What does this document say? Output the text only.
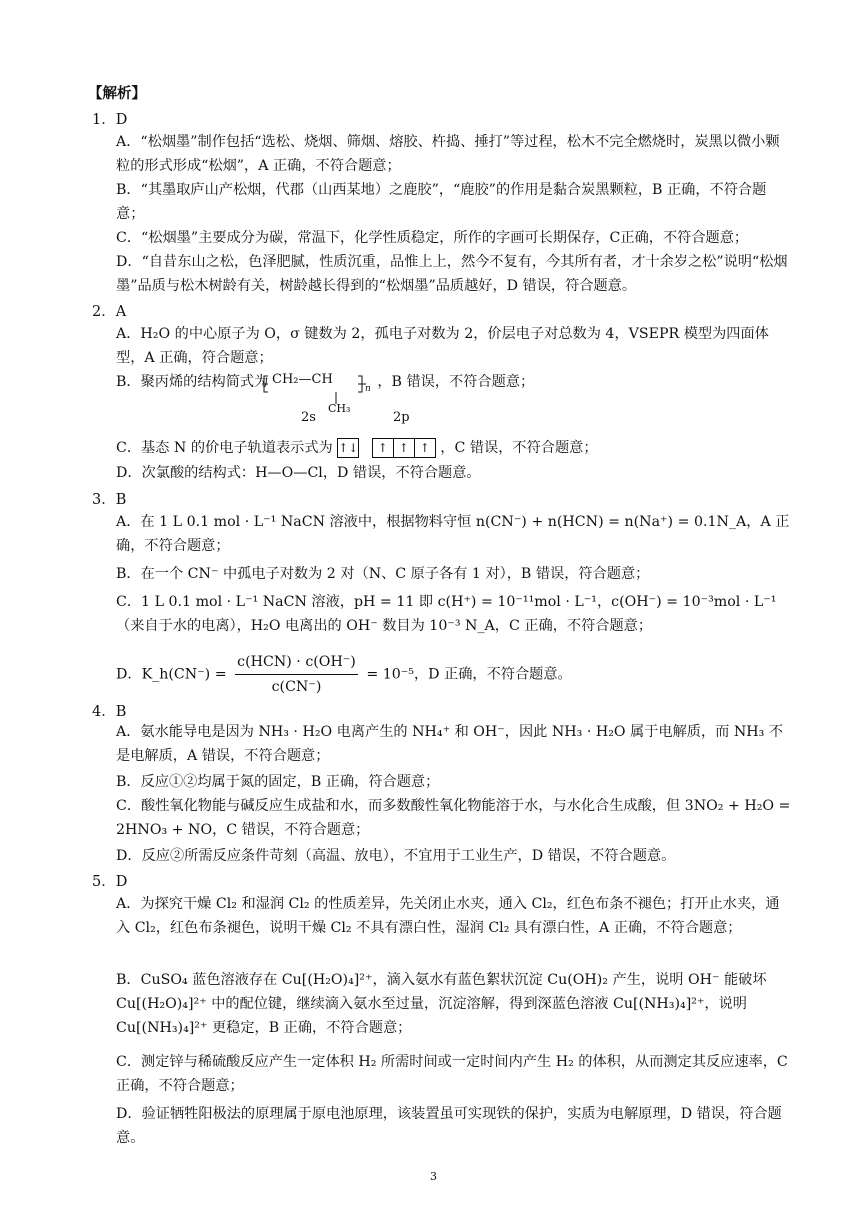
【解析】
1．D
A．“松烟墨”制作包括“选松、烧烟、筛烟、熔胶、杵捣、捶打”等过程，松木不完全燃烧时，炭黑以微小颗粒的形式形成“松烟”，A 正确，不符合题意；
B．“其墨取庐山产松烟，代郡（山西某地）之鹿胶”，“鹿胶”的作用是黏合炭黑颗粒，B 正确，不符合题意；
C．“松烟墨”主要成分为碳，常温下，化学性质稳定，所作的字画可长期保存，C正确，不符合题意；
D．“自昔东山之松，色泽肥腻，性质沉重，品惟上上，然今不复有，今其所有者，才十余岁之松”说明“松烟墨”品质与松木树龄有关，树龄越长得到的“松烟墨”品质越好，D 错误，符合题意。
2．A
A．H₂O 的中心原子为 O，σ 键数为 2，孤电子对数为 2，价层电子对总数为 4，VSEPR 模型为四面体型，A 正确，符合题意；
B．聚丙烯的结构简式为	，B 错误，不符合题意；
CH₂—CH
n
CH₃
2s	2p
C．基态 N 的价电子轨道表示式为 ↑↓ ↑ ↑ ↑ ，C 错误，不符合题意；
D．次氯酸的结构式：H—O—Cl，D 错误，不符合题意。
3．B
A．在 1 L 0.1 mol · L⁻¹ NaCN 溶液中，根据物料守恒 n(CN⁻) + n(HCN) = n(Na⁺) = 0.1N_A，A 正确，不符合题意；
B．在一个 CN⁻ 中孤电子对数为 2 对（N、C 原子各有 1 对），B 错误，符合题意；
C．1 L 0.1 mol · L⁻¹ NaCN 溶液，pH = 11 即 c(H⁺) = 10⁻¹¹mol · L⁻¹，c(OH⁻) = 10⁻³mol · L⁻¹（来自于水的电离），H₂O 电离出的 OH⁻ 数目为 10⁻³ N_A，C 正确，不符合题意；
D．K_h(CN⁻) = $\frac{\text{c(HCN) · c(OH⁻)}}{c(CN^-)} = 10^{-5}$，D 正确，不符合题意。
4．B
A．氨水能导电是因为 NH₃ · H₂O 电离产生的 NH₄⁺ 和 OH⁻，因此 NH₃ · H₂O 属于电解质，而 NH₃ 不是电解质，A 错误，不符合题意；
B．反应①②均属于氮的固定，B 正确，符合题意；
C．酸性氧化物能与碱反应生成盐和水，而多数酸性氧化物能溶于水，与水化合生成酸，但 3NO₂ + H₂O = 2HNO₃ + NO，C 错误，不符合题意；
D．反应②所需反应条件苛刻（高温、放电），不宜用于工业生产，D 错误，不符合题意。
5．D
A．为探究干燥 Cl₂ 和湿润 Cl₂ 的性质差异，先关闭止水夹，通入 Cl₂，红色布条不褪色；打开止水夹，通入 Cl₂，红色布条褪色，说明干燥 Cl₂ 不具有漂白性，湿润 Cl₂ 具有漂白性，A 正确，不符合题意；
B．CuSO₄ 蓝色溶液存在 Cu[(H₂O)₄]²⁺，滴入氨水有蓝色絮状沉淀 Cu(OH)₂ 产生，说明 OH⁻ 能破坏 Cu[(H₂O)₄]²⁺ 中的配位键，继续滴入氨水至过量，沉淀溶解，得到深蓝色溶液 Cu[(NH₃)₄]²⁺，说明 Cu[(NH₃)₄]²⁺ 更稳定，B 正确，不符合题意；
C．测定锌与稀硫酸反应产生一定体积 H₂ 所需时间或一定时间内产生 H₂ 的体积，从而测定其反应速率，C 正确，不符合题意；
D．验证牺牲阳极法的原理属于原电池原理，该装置虽可实现铁的保护，实质为电解原理，D 错误，符合题意。
3
